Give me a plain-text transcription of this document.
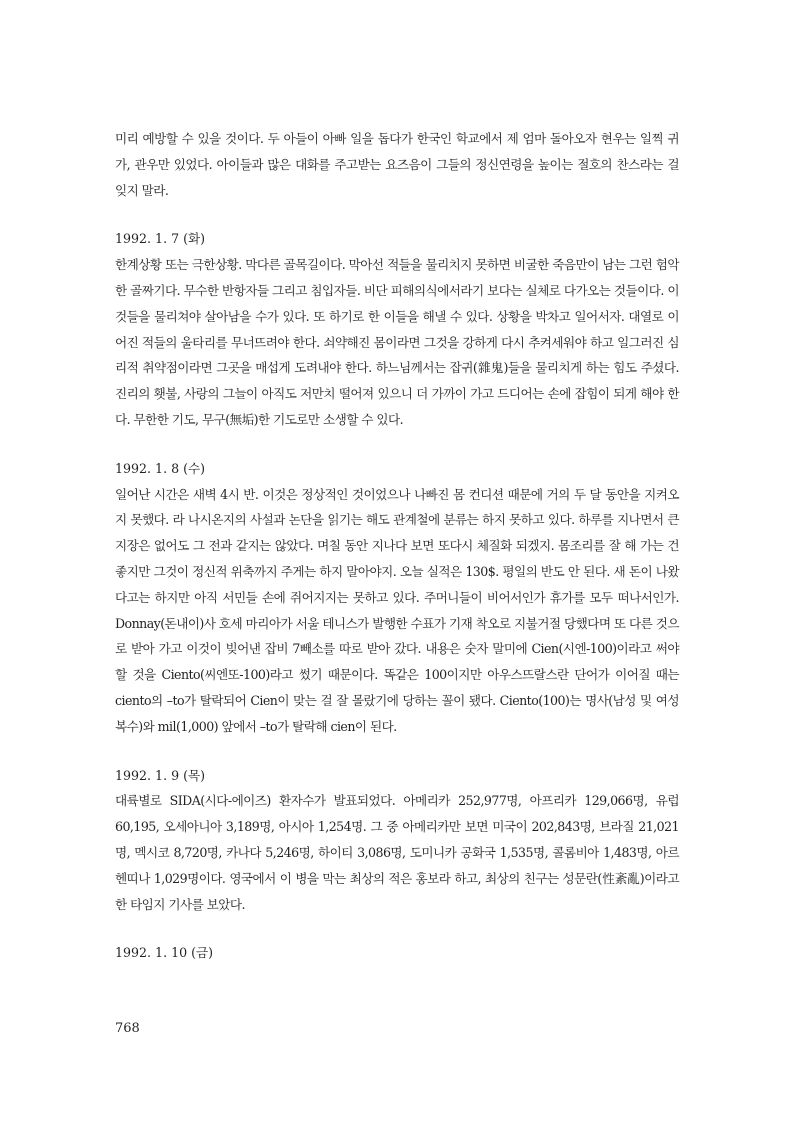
미리 예방할 수 있을 것이다. 두 아들이 아빠 일을 돕다가 한국인 학교에서 제 엄마 돌아오자 현우는 일찍 귀가, 관우만 있었다. 아이들과 많은 대화를 주고받는 요즈음이 그들의 정신연령을 높이는 절호의 찬스라는 걸 잊지 말라.

1992. 1. 7 (화)

한계상황 또는 극한상황. 막다른 골목길이다. 막아선 적들을 물리치지 못하면 비굴한 죽음만이 남는 그런 험악한 골짜기다. 무수한 반항자들 그리고 침입자들. 비단 피해의식에서라기 보다는 실체로 다가오는 것들이다. 이것들을 물리쳐야 살아남을 수가 있다. 또 하기로 한 이들을 해낼 수 있다. 상황을 박차고 일어서자. 대열로 이어진 적들의 울타리를 무너뜨려야 한다. 쇠약해진 몸이라면 그것을 강하게 다시 추켜세워야 하고 일그러진 심리적 취약점이라면 그곳을 매섭게 도려내야 한다. 하느님께서는 잡귀(雜鬼)들을 물리치게 하는 힘도 주셨다. 진리의 횃불, 사랑의 그늘이 아직도 저만치 떨어져 있으니 더 가까이 가고 드디어는 손에 잡힘이 되게 해야 한다. 무한한 기도, 무구(無垢)한 기도로만 소생할 수 있다.

1992. 1. 8 (수)

일어난 시간은 새벽 4시 반. 이것은 정상적인 것이었으나 나빠진 몸 컨디션 때문에 거의 두 달 동안을 지켜오지 못했다. 라 나시온지의 사설과 논단을 읽기는 해도 관계철에 분류는 하지 못하고 있다. 하루를 지나면서 큰 지장은 없어도 그 전과 같지는 않았다. 며칠 동안 지나다 보면 또다시 체질화 되겠지. 몸조리를 잘 해 가는 건 좋지만 그것이 정신적 위축까지 주게는 하지 말아야지. 오늘 실적은 130$. 평일의 반도 안 된다. 새 돈이 나왔다고는 하지만 아직 서민들 손에 쥐어지지는 못하고 있다. 주머니들이 비어서인가 휴가를 모두 떠나서인가. Donnay(돈내이)사 호세 마리아가 서울 테니스가 발행한 수표가 기재 착오로 지불거절 당했다며 또 다른 것으로 받아 가고 이것이 빚어낸 잡비 7빼소를 따로 받아 갔다. 내용은 숫자 말미에 Cien(시엔-100)이라고 써야 할 것을 Ciento(씨엔또-100)라고 썼기 때문이다. 똑같은 100이지만 아우스뜨랄스란 단어가 이어질 때는 ciento의 –to가 탈락되어 Cien이 맞는 걸 잘 몰랐기에 당하는 꼴이 됐다. Ciento(100)는 명사(남성 및 여성 복수)와 mil(1,000) 앞에서 –to가 탈락해 cien이 된다.

1992. 1. 9 (목)

대륙별로 SIDA(시다-에이즈) 환자수가 발표되었다. 아메리카 252,977명, 아프리카 129,066명, 유럽 60,195, 오세아니아 3,189명, 아시아 1,254명. 그 중 아메리카만 보면 미국이 202,843명, 브라질 21,021명, 멕시코 8,720명, 카나다 5,246명, 하이티 3,086명, 도미니카 공화국 1,535명, 콜롬비아 1,483명, 아르헨띠나 1,029명이다. 영국에서 이 병을 막는 최상의 적은 홍보라 하고, 최상의 친구는 성문란(性紊亂)이라고 한 타임지 기사를 보았다.

1992. 1. 10 (금)

768
